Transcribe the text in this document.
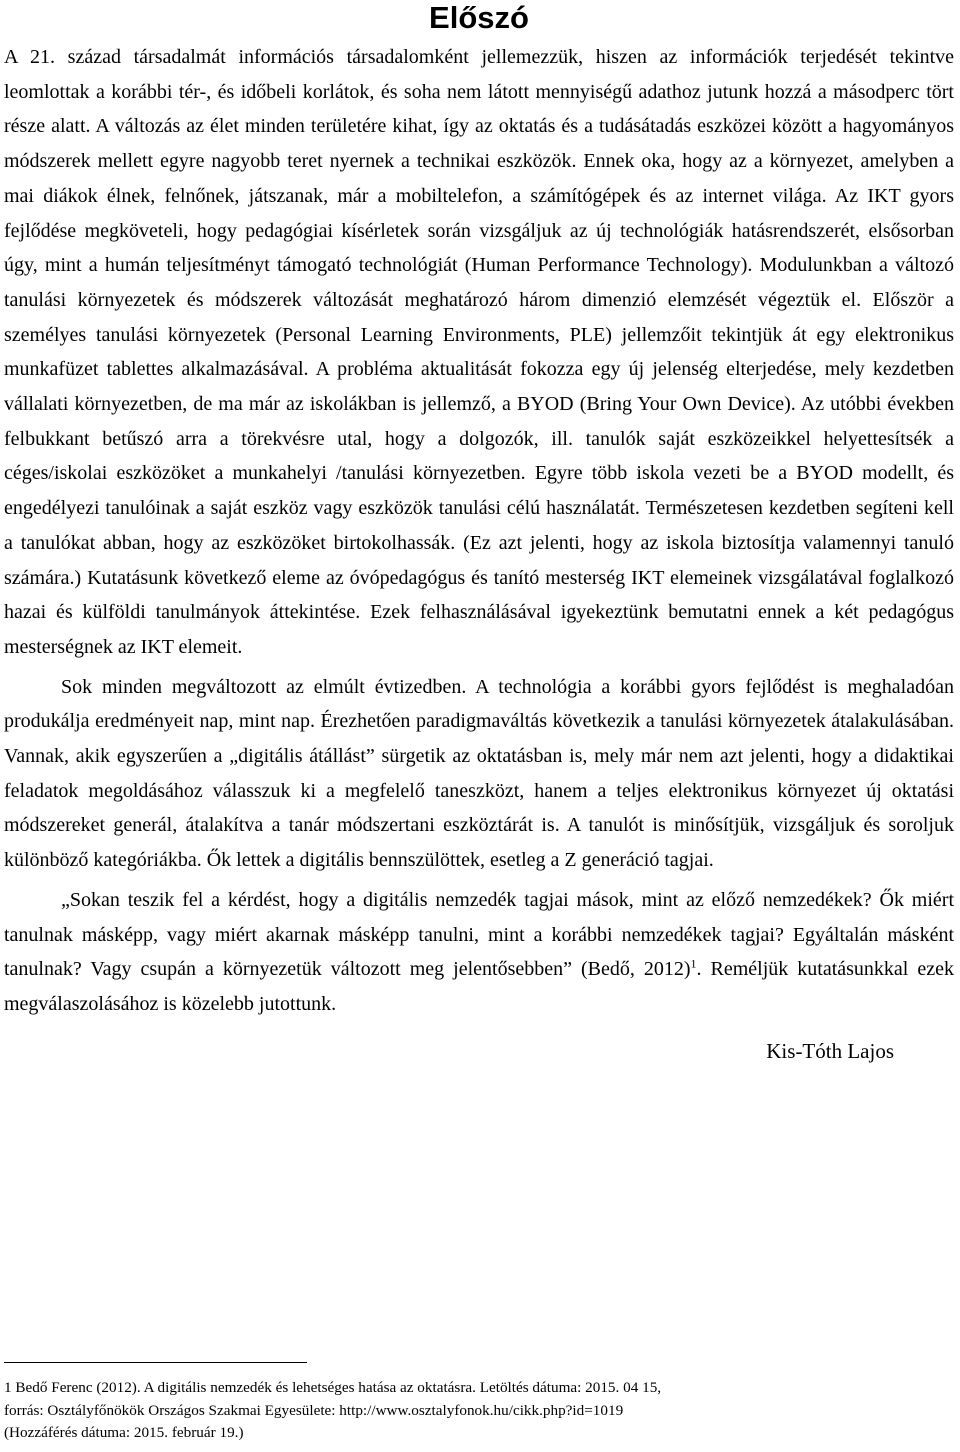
Előszó

A 21. század társadalmát információs társadalomként jellemezzük, hiszen az információk terjedését tekintve leomlottak a korábbi tér-, és időbeli korlátok, és soha nem látott mennyiségű adathoz jutunk hozzá a másodperc tört része alatt. A változás az élet minden területére kihat, így az oktatás és a tudásátadás eszközei között a hagyományos módszerek mellett egyre nagyobb teret nyernek a technikai eszközök. Ennek oka, hogy az a környezet, amelyben a mai diákok élnek, felnőnek, játszanak, már a mobiltelefon, a számítógépek és az internet világa. Az IKT gyors fejlődése megköveteli, hogy pedagógiai kísérletek során vizsgáljuk az új technológiák hatásrendszerét, elsősorban úgy, mint a humán teljesítményt támogató technológiát (Human Performance Technology). Modulunkban a változó tanulási környezetek és módszerek változását meghatározó három dimenzió elemzését végeztük el. Először a személyes tanulási környezetek (Personal Learning Environments, PLE) jellemzőit tekintjük át egy elektronikus munkafüzet tablettes alkalmazásával. A probléma aktualitását fokozza egy új jelenség elterjedése, mely kezdetben vállalati környezetben, de ma már az iskolákban is jellemző, a BYOD (Bring Your Own Device). Az utóbbi években felbukkant betűszó arra a törekvésre utal, hogy a dolgozók, ill. tanulók saját eszközeikkel helyettesítsék a céges/iskolai eszközöket a munkahelyi /tanulási környezetben. Egyre több iskola vezeti be a BYOD modellt, és engedélyezi tanulóinak a saját eszköz vagy eszközök tanulási célú használatát. Természetesen kezdetben segíteni kell a tanulókat abban, hogy az eszközöket birtokolhassák. (Ez azt jelenti, hogy az iskola biztosítja valamennyi tanuló számára.) Kutatásunk következő eleme az óvópedagógus és tanító mesterség IKT elemeinek vizsgálatával foglalkozó hazai és külföldi tanulmányok áttekintése. Ezek felhasználásával igyekeztünk bemutatni ennek a két pedagógus mesterségnek az IKT elemeit.

Sok minden megváltozott az elmúlt évtizedben. A technológia a korábbi gyors fejlődést is meghaladóan produkálja eredményeit nap, mint nap. Érezhetően paradigmaváltás következik a tanulási környezetek átalakulásában. Vannak, akik egyszerűen a „digitális átállást” sürgetik az oktatásban is, mely már nem azt jelenti, hogy a didaktikai feladatok megoldásához válasszuk ki a megfelelő taneszközt, hanem a teljes elektronikus környezet új oktatási módszereket generál, átalakítva a tanár módszertani eszköztárát is. A tanulót is minősítjük, vizsgáljuk és soroljuk különböző kategóriákba. Ők lettek a digitális bennszülöttek, esetleg a Z generáció tagjai.

„Sokan teszik fel a kérdést, hogy a digitális nemzedék tagjai mások, mint az előző nemzedékek? Ők miért tanulnak másképp, vagy miért akarnak másképp tanulni, mint a korábbi nemzedékek tagjai? Egyáltalán másként tanulnak? Vagy csupán a környezetük változott meg jelentősebben” (Bedő, 2012)$^1$. Reméljük kutatásunkkal ezek megválaszolásához is közelebb jutottunk.

Kis-Tóth Lajos
1 Bedő Ferenc (2012). A digitális nemzedék és lehetséges hatása az oktatásra. Letöltés dátuma: 2015. 04 15,
forrás: Osztályfőnökök Országos Szakmai Egyesülete: http://www.osztalyfonok.hu/cikk.php?id=1019
(Hozzáférés dátuma: 2015. február 19.)
